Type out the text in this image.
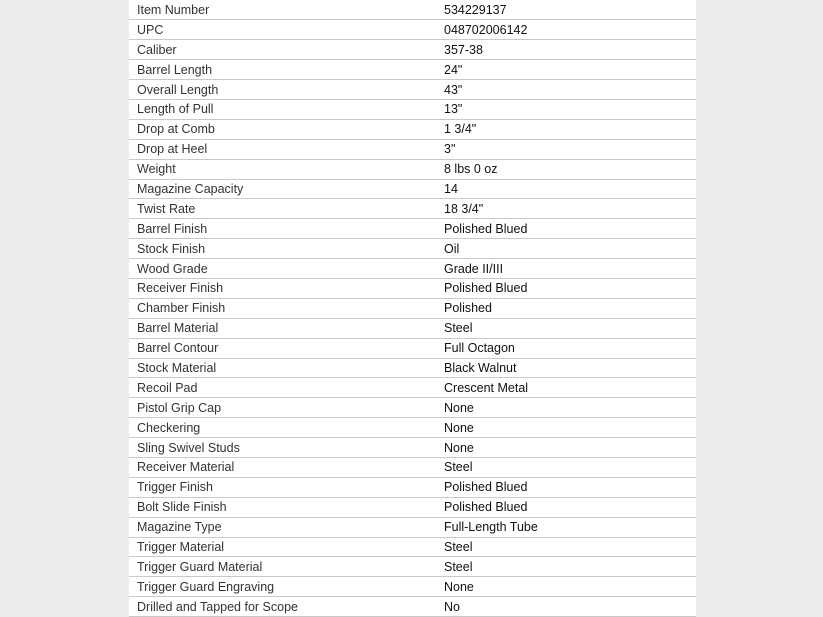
Item Number	534229137
UPC	048702006142
Caliber	357-38
Barrel Length	24"
Overall Length	43"
Length of Pull	13"
Drop at Comb	1 3/4"
Drop at Heel	3"
Weight	8 lbs 0 oz
Magazine Capacity	14
Twist Rate	18 3/4"
Barrel Finish	Polished Blued
Stock Finish	Oil
Wood Grade	Grade II/III
Receiver Finish	Polished Blued
Chamber Finish	Polished
Barrel Material	Steel
Barrel Contour	Full Octagon
Stock Material	Black Walnut
Recoil Pad	Crescent Metal
Pistol Grip Cap	None
Checkering	None
Sling Swivel Studs	None
Receiver Material	Steel
Trigger Finish	Polished Blued
Bolt Slide Finish	Polished Blued
Magazine Type	Full-Length Tube
Trigger Material	Steel
Trigger Guard Material	Steel
Trigger Guard Engraving	None
Drilled and Tapped for Scope	No
